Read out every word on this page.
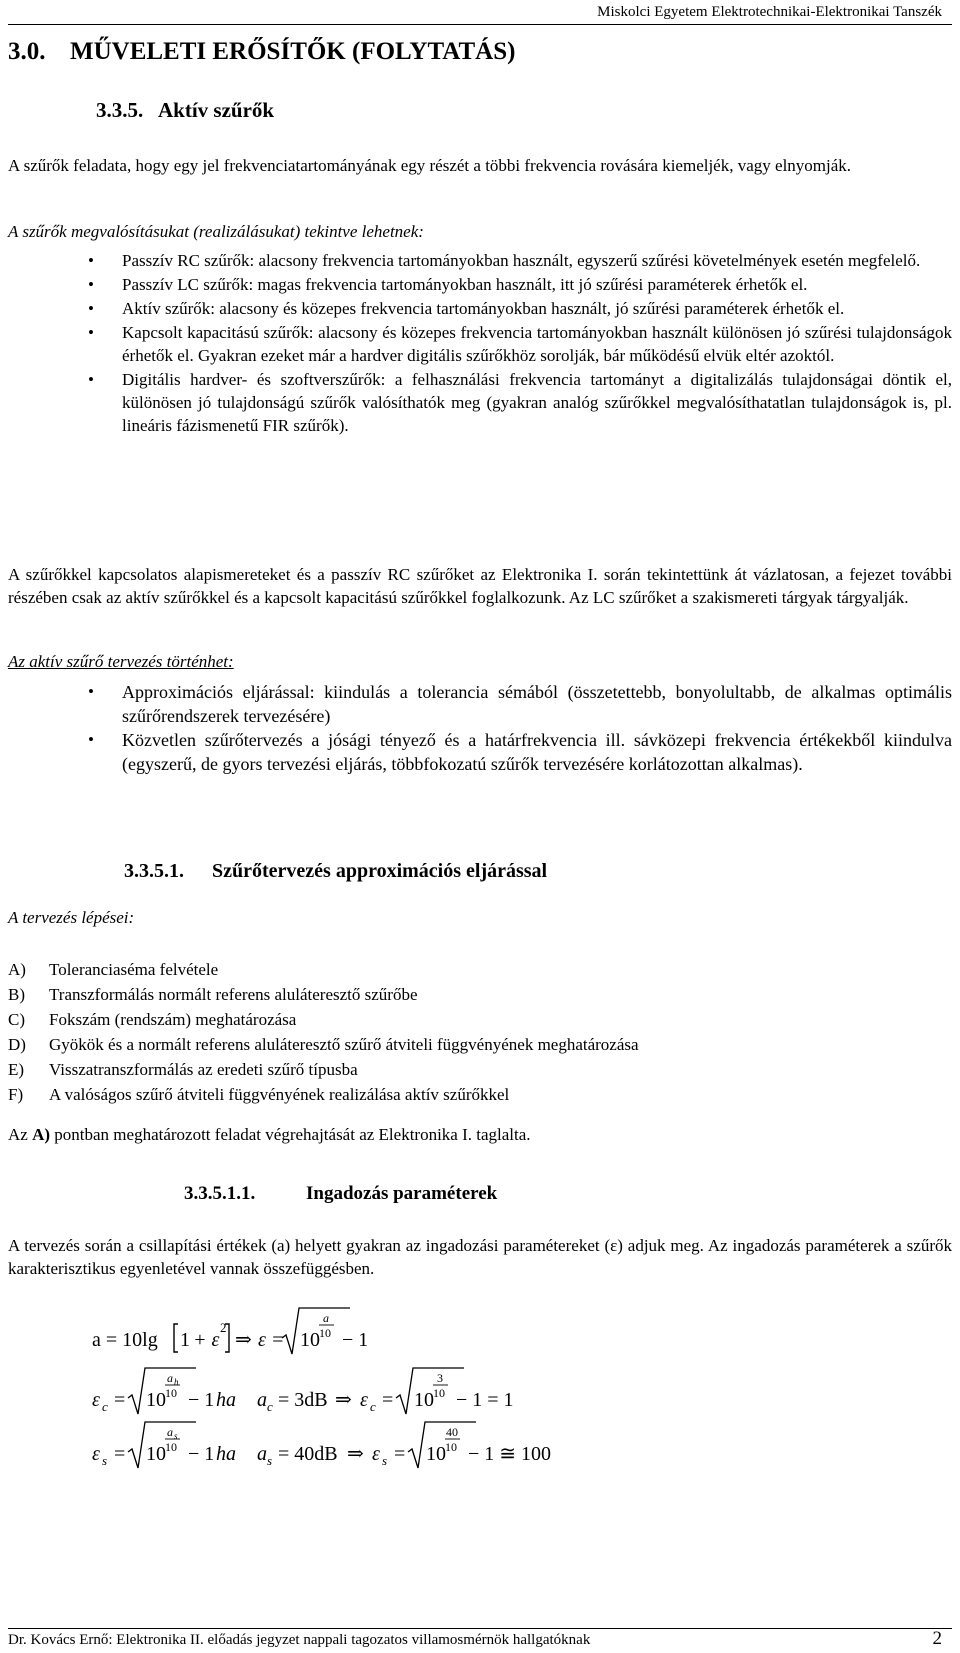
Miskolci Egyetem Elektrotechnikai-Elektronikai Tanszék
3.0. MŰVELETI ERŐSÍTŐK (FOLYTATÁS)
3.3.5. Aktív szűrők
A szűrők feladata, hogy egy jel frekvenciatartományának egy részét a többi frekvencia rovására kiemeljék, vagy elnyomják.
A szűrők megvalósításukat (realizálásukat) tekintve lehetnek:
• Passzív RC szűrők: alacsony frekvencia tartományokban használt, egyszerű szűrési követelmények esetén megfelelő.
• Passzív LC szűrők: magas frekvencia tartományokban használt, itt jó szűrési paraméterek érhetők el.
• Aktív szűrők: alacsony és közepes frekvencia tartományokban használt, jó szűrési paraméterek érhetők el.
• Kapcsolt kapacitású szűrők: alacsony és közepes frekvencia tartományokban használt különösen jó szűrési tulajdonságok érhetők el. Gyakran ezeket már a hardver digitális szűrőkhöz sorolják, bár működésű elvük eltér azoktól.
• Digitális hardver- és szoftverszűrők: a felhasználási frekvencia tartományt a digitalizálás tulajdonságai döntik el, különösen jó tulajdonságú szűrők valósíthatók meg (gyakran analóg szűrőkkel megvalósíthatatlan tulajdonságok is, pl. lineáris fázismenetű FIR szűrők).
A szűrőkkel kapcsolatos alapismereteket és a passzív RC szűrőket az Elektronika I. során tekintettünk át vázlatosan, a fejezet további részében csak az aktív szűrőkkel és a kapcsolt kapacitású szűrőkkel foglalkozunk. Az LC szűrőket a szakismereti tárgyak tárgyalják.
Az aktív szűrő tervezés történhet:
• Approximációs eljárással: kiindulás a tolerancia sémából (összetettebb, bonyolultabb, de alkalmas optimális szűrőrendszerek tervezésére)
• Közvetlen szűrőtervezés a jósági tényező és a határfrekvencia ill. sávközepi frekvencia értékekből kiindulva (egyszerű, de gyors tervezési eljárás, többfokozatú szűrők tervezésére korlátozottan alkalmas).
3.3.5.1. Szűrőtervezés approximációs eljárással
A tervezés lépései:
A)	Toleranciaséma felvétele
B)	Transzformálás normált referens aluláteresztő szűrőbe
C)	Fokszám (rendszám) meghatározása
D)	Gyökök és a normált referens aluláteresztő szűrő átviteli függvényének meghatározása
E)	Visszatranszformálás az eredeti szűrő típusba
F)	A valóságos szűrő átviteli függvényének realizálása aktív szűrőkkel
Az A) pontban meghatározott feladat végrehajtását az Elektronika I. taglalta.
3.3.5.1.1.	Ingadozás paraméterek
A tervezés során a csillapítási értékek (a) helyett gyakran az ingadozási paramétereket (ε) adjuk meg. Az ingadozás paraméterek a szűrők karakterisztikus egyenletével vannak összefüggésben.
a = 10lg 1 + ε
2
⇒ ε = 10
a
10 − 1
ε c = 10
a h
10 − 1 ha a c = 3dB ⇒ ε c = 10
3
10 − 1 = 1
ε s = 10
a s
10 − 1 ha a s = 40dB ⇒ ε s = 10
40
10 − 1 ≅ 100
Dr. Kovács Ernő: Elektronika II. előadás jegyzet nappali tagozatos villamosmérnök hallgatóknak	2
